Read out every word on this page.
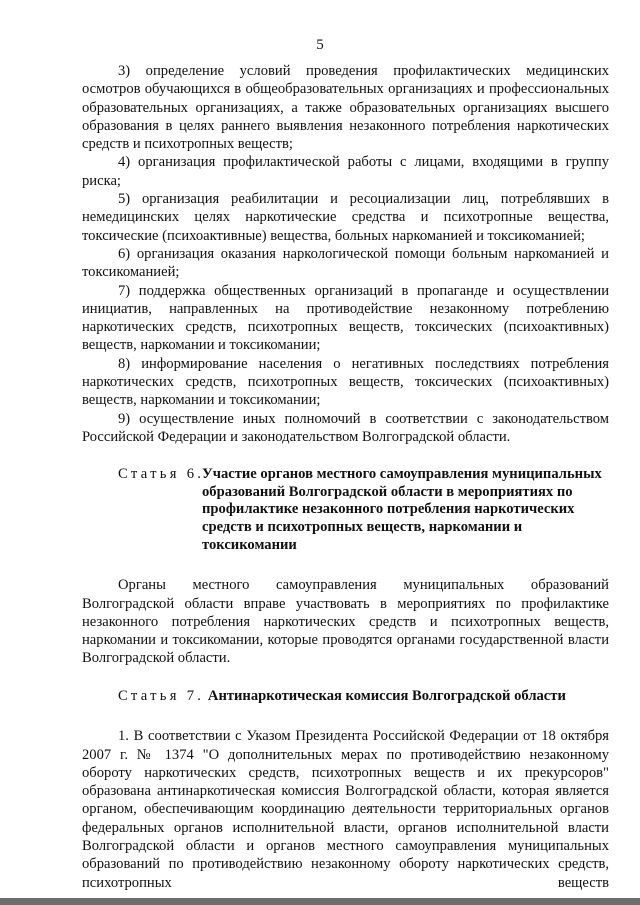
5

3) определение условий проведения профилактических медицинских осмотров обучающихся в общеобразовательных организациях и профессиональных образовательных организациях, а также образовательных организациях высшего образования в целях раннего выявления незаконного потребления наркотических средств и психотропных веществ;

4) организация профилактической работы с лицами, входящими в группу риска;

5) организация реабилитации и ресоциализации лиц, потреблявших в немедицинских целях наркотические средства и психотропные вещества, токсические (психоактивные) вещества, больных наркоманией и токсикоманией;

6) организация оказания наркологической помощи больным наркоманией и токсикоманией;

7) поддержка общественных организаций в пропаганде и осуществлении инициатив, направленных на противодействие незаконному потреблению наркотических средств, психотропных веществ, токсических (психоактивных) веществ, наркомании и токсикомании;

8) информирование населения о негативных последствиях потребления наркотических средств, психотропных веществ, токсических (психоактивных) веществ, наркомании и токсикомании;

9) осуществление иных полномочий в соответствии с законодательством Российской Федерации и законодательством Волгоградской области.

Статья 6.
Участие органов местного самоуправления муниципальных образований Волгоградской области в мероприятиях по профилактике незаконного потребления наркотических средств и психотропных веществ, наркомании и токсикомании

Органы местного самоуправления муниципальных образований Волгоградской области вправе участвовать в мероприятиях по профилактике незаконного потребления наркотических средств и психотропных веществ, наркомании и токсикомании, которые проводятся органами государственной власти Волгоградской области.

Статья 7. Антинаркотическая комиссия Волгоградской области

1. В соответствии с Указом Президента Российской Федерации от 18 октября 2007 г. № 1374 "О дополнительных мерах по противодействию незаконному обороту наркотических средств, психотропных веществ и их прекурсоров" образована антинаркотическая комиссия Волгоградской области, которая является органом, обеспечивающим координацию деятельности территориальных органов федеральных органов исполнительной власти, органов исполнительной власти Волгоградской области и органов местного самоуправления муниципальных образований по противодействию незаконному обороту наркотических средств, психотропных веществ
